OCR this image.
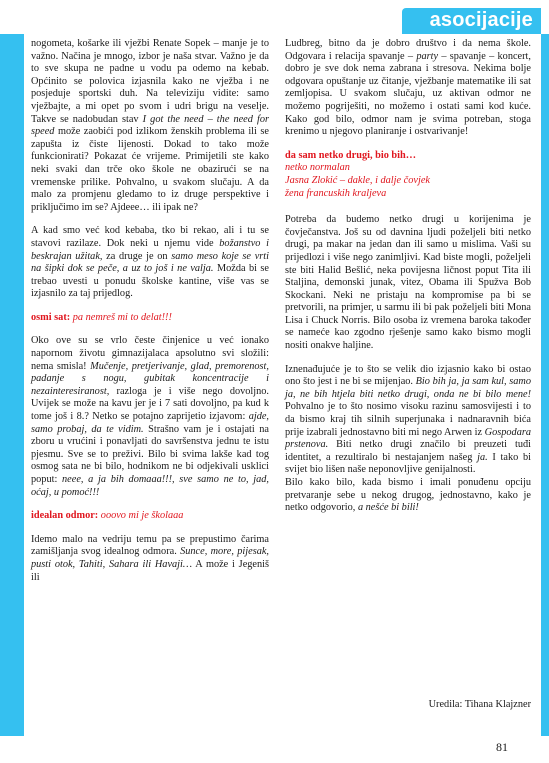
asocijacije

nogometa, košarke ili vježbi Renate Sopek – manje je to važno. Načina je mnogo, izbor je naša stvar. Važno je da to sve skupa ne padne u vodu pa odemo na kebab. Općinito se polovica izjasnila kako ne vježba i ne posjeduje sportski duh. Na televiziju vidite: samo vježbajte, a mi opet po svom i udri brigu na veselje. Takve se nadobudan stav I got the need – the need for speed može zaobići pod izlikom ženskih problema ili se zapušta iz čiste lijenosti. Dokad to tako može funkcionirati? Pokazat će vrijeme. Primijetili ste kako neki svaki dan trče oko škole ne obazirući se na vremenske prilike. Pohvalno, u svakom slučaju. A da malo za promjenu gledamo to iz druge perspektive i priključimo im se? Ajdeee… ili ipak ne?

A kad smo već kod kebaba, tko bi rekao, ali i tu se stavovi razilaze. Dok neki u njemu vide božanstvo i beskrajan užitak, za druge je on samo meso koje se vrti na šipki dok se peče, a uz to još i ne valja. Možda bi se trebao uvesti u ponudu školske kantine, više vas se izjasnilo za taj prijedlog.

osmi sat: pa nemreš mi to delat!!!

Oko ove su se vrlo česte činjenice u već ionako napornom životu gimnazijalaca apsolutno svi složili: nema smisla! Mučenje, pretjerivanje, glad, premorenost, padanje s nogu, gubitak koncentracije i nezainteresiranost, razloga je i više nego dovoljno. Uvijek se može na kavu jer je i 7 sati dovoljno, pa kud k tome još i 8.? Netko se potajno zaprijetio izjavom: ajde, samo probaj, da te vidim. Strašno vam je i ostajati na zboru u vrućini i ponavljati do savršenstva jednu te istu pjesmu. Sve se to preživi. Bilo bi svima lakše kad tog osmog sata ne bi bilo, hodnikom ne bi odjekivali usklici poput: neee, a ja bih domaaa!!!, sve samo ne to, jad, oćaj, u pomoć!!!

idealan odmor: ooovo mi je školaaa

Idemo malo na vedriju temu pa se prepustimo čarima zamišljanja svog idealnog odmora. Sunce, more, pijesak, pusti otok, Tahiti, Sahara ili Havaji… A može i Jegeniš ili

Ludbreg, bitno da je dobro društvo i da nema škole. Odgovara i relacija spavanje – party – spavanje – koncert, dobro je sve dok nema zabrana i stresova. Nekima bolje odgovara opuštanje uz čitanje, vježbanje matematike ili sat zemljopisa. U svakom slučaju, uz aktivan odmor ne možemo pogriješiti, no možemo i ostati sami kod kuće. Kako god bilo, odmor nam je svima potreban, stoga krenimo u njegovo planiranje i ostvarivanje!

da sam netko drugi, bio bih…
netko normalan
Jasna Zlokić – dakle, i dalje čovjek
žena francuskih kraljeva

Potreba da budemo netko drugi u korijenima je čovječanstva. Još su od davnina ljudi poželjeli biti netko drugi, pa makar na jedan dan ili samo u mislima. Vaši su prijedlozi i više nego zanimljivi. Kad biste mogli, poželjeli ste biti Halid Bešlić, neka povijesna ličnost poput Tita ili Staljina, demonski junak, vitez, Obama ili Spužva Bob Skockani. Neki ne pristaju na kompromise pa bi se pretvorili, na primjer, u sarmu ili bi pak poželjeli biti Mona Lisa i Chuck Norris. Bilo osoba iz vremena baroka također se nameće kao zgodno rješenje samo kako bismo mogli nositi onakve haljine.

Iznenađujuće je to što se velik dio izjasnio kako bi ostao ono što jest i ne bi se mijenjao. Bio bih ja, ja sam kul, samo ja, ne bih htjela biti netko drugi, onda ne bi bilo mene! Pohvalno je to što nosimo visoku razinu samosvijesti i to da bismo kraj tih silnih superjunaka i nadnaravnih bića prije izabrali jednostavno biti mi nego Arwen iz Gospodara prstenova. Biti netko drugi značilo bi preuzeti tuđi identitet, a rezultiralo bi nestajanjem našeg ja. I tako bi svijet bio lišen naše neponovljive genijalnosti.

Bilo kako bilo, kada bismo i imali ponuđenu opciju pretvaranje sebe u nekog drugog, jednostavno, kako je netko odgovorio, a nešće bi bili!

Uredila: Tihana Klajzner
81
